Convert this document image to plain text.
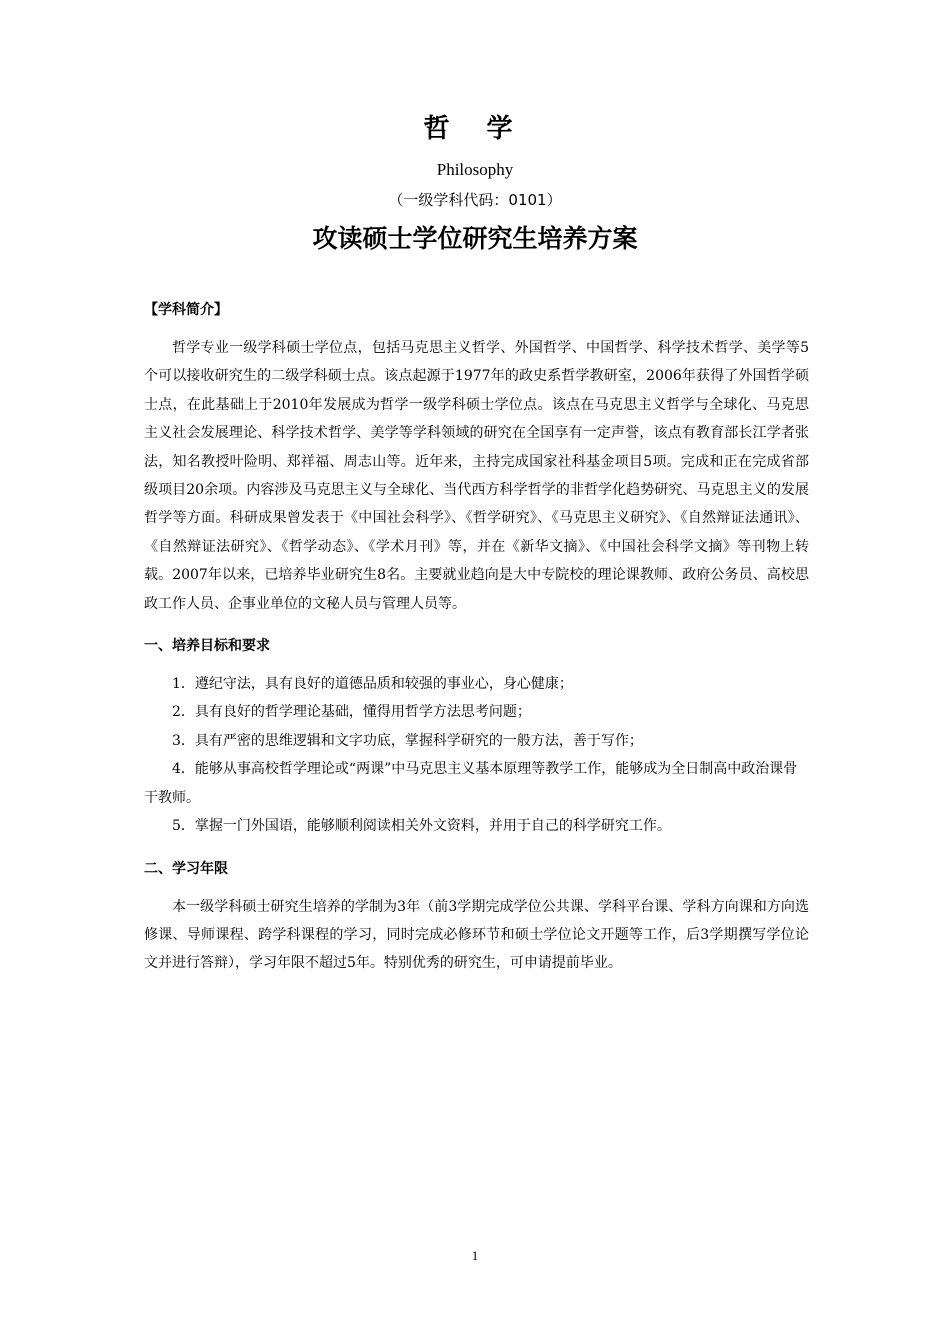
哲 学
Philosophy
（一级学科代码：0101）
攻读硕士学位研究生培养方案

【学科简介】

哲学专业一级学科硕士学位点，包括马克思主义哲学、外国哲学、中国哲学、科学技术哲学、美学等5个可以接收研究生的二级学科硕士点。该点起源于1977年的政史系哲学教研室，2006年获得了外国哲学硕士点，在此基础上于2010年发展成为哲学一级学科硕士学位点。该点在马克思主义哲学与全球化、马克思主义社会发展理论、科学技术哲学、美学等学科领域的研究在全国享有一定声誉，该点有教育部长江学者张法，知名教授叶险明、郑祥福、周志山等。近年来，主持完成国家社科基金项目5项。完成和正在完成省部级项目20余项。内容涉及马克思主义与全球化、当代西方科学哲学的非哲学化趋势研究、马克思主义的发展哲学等方面。科研成果曾发表于《中国社会科学》、《哲学研究》、《马克思主义研究》、《自然辩证法通讯》、《自然辩证法研究》、《哲学动态》、《学术月刊》等，并在《新华文摘》、《中国社会科学文摘》等刊物上转载。2007年以来，已培养毕业研究生8名。主要就业趋向是大中专院校的理论课教师、政府公务员、高校思政工作人员、企事业单位的文秘人员与管理人员等。

一、培养目标和要求

1．遵纪守法，具有良好的道德品质和较强的事业心，身心健康；

2．具有良好的哲学理论基础，懂得用哲学方法思考问题；

3．具有严密的思维逻辑和文字功底，掌握科学研究的一般方法，善于写作；

4．能够从事高校哲学理论或“两课”中马克思主义基本原理等教学工作，能够成为全日制高中政治课骨干教师。

5．掌握一门外国语，能够顺利阅读相关外文资料，并用于自己的科学研究工作。

二、学习年限

本一级学科硕士研究生培养的学制为3年（前3学期完成学位公共课、学科平台课、学科方向课和方向选修课、导师课程、跨学科课程的学习，同时完成必修环节和硕士学位论文开题等工作，后3学期撰写学位论文并进行答辩），学习年限不超过5年。特别优秀的研究生，可申请提前毕业。

1
